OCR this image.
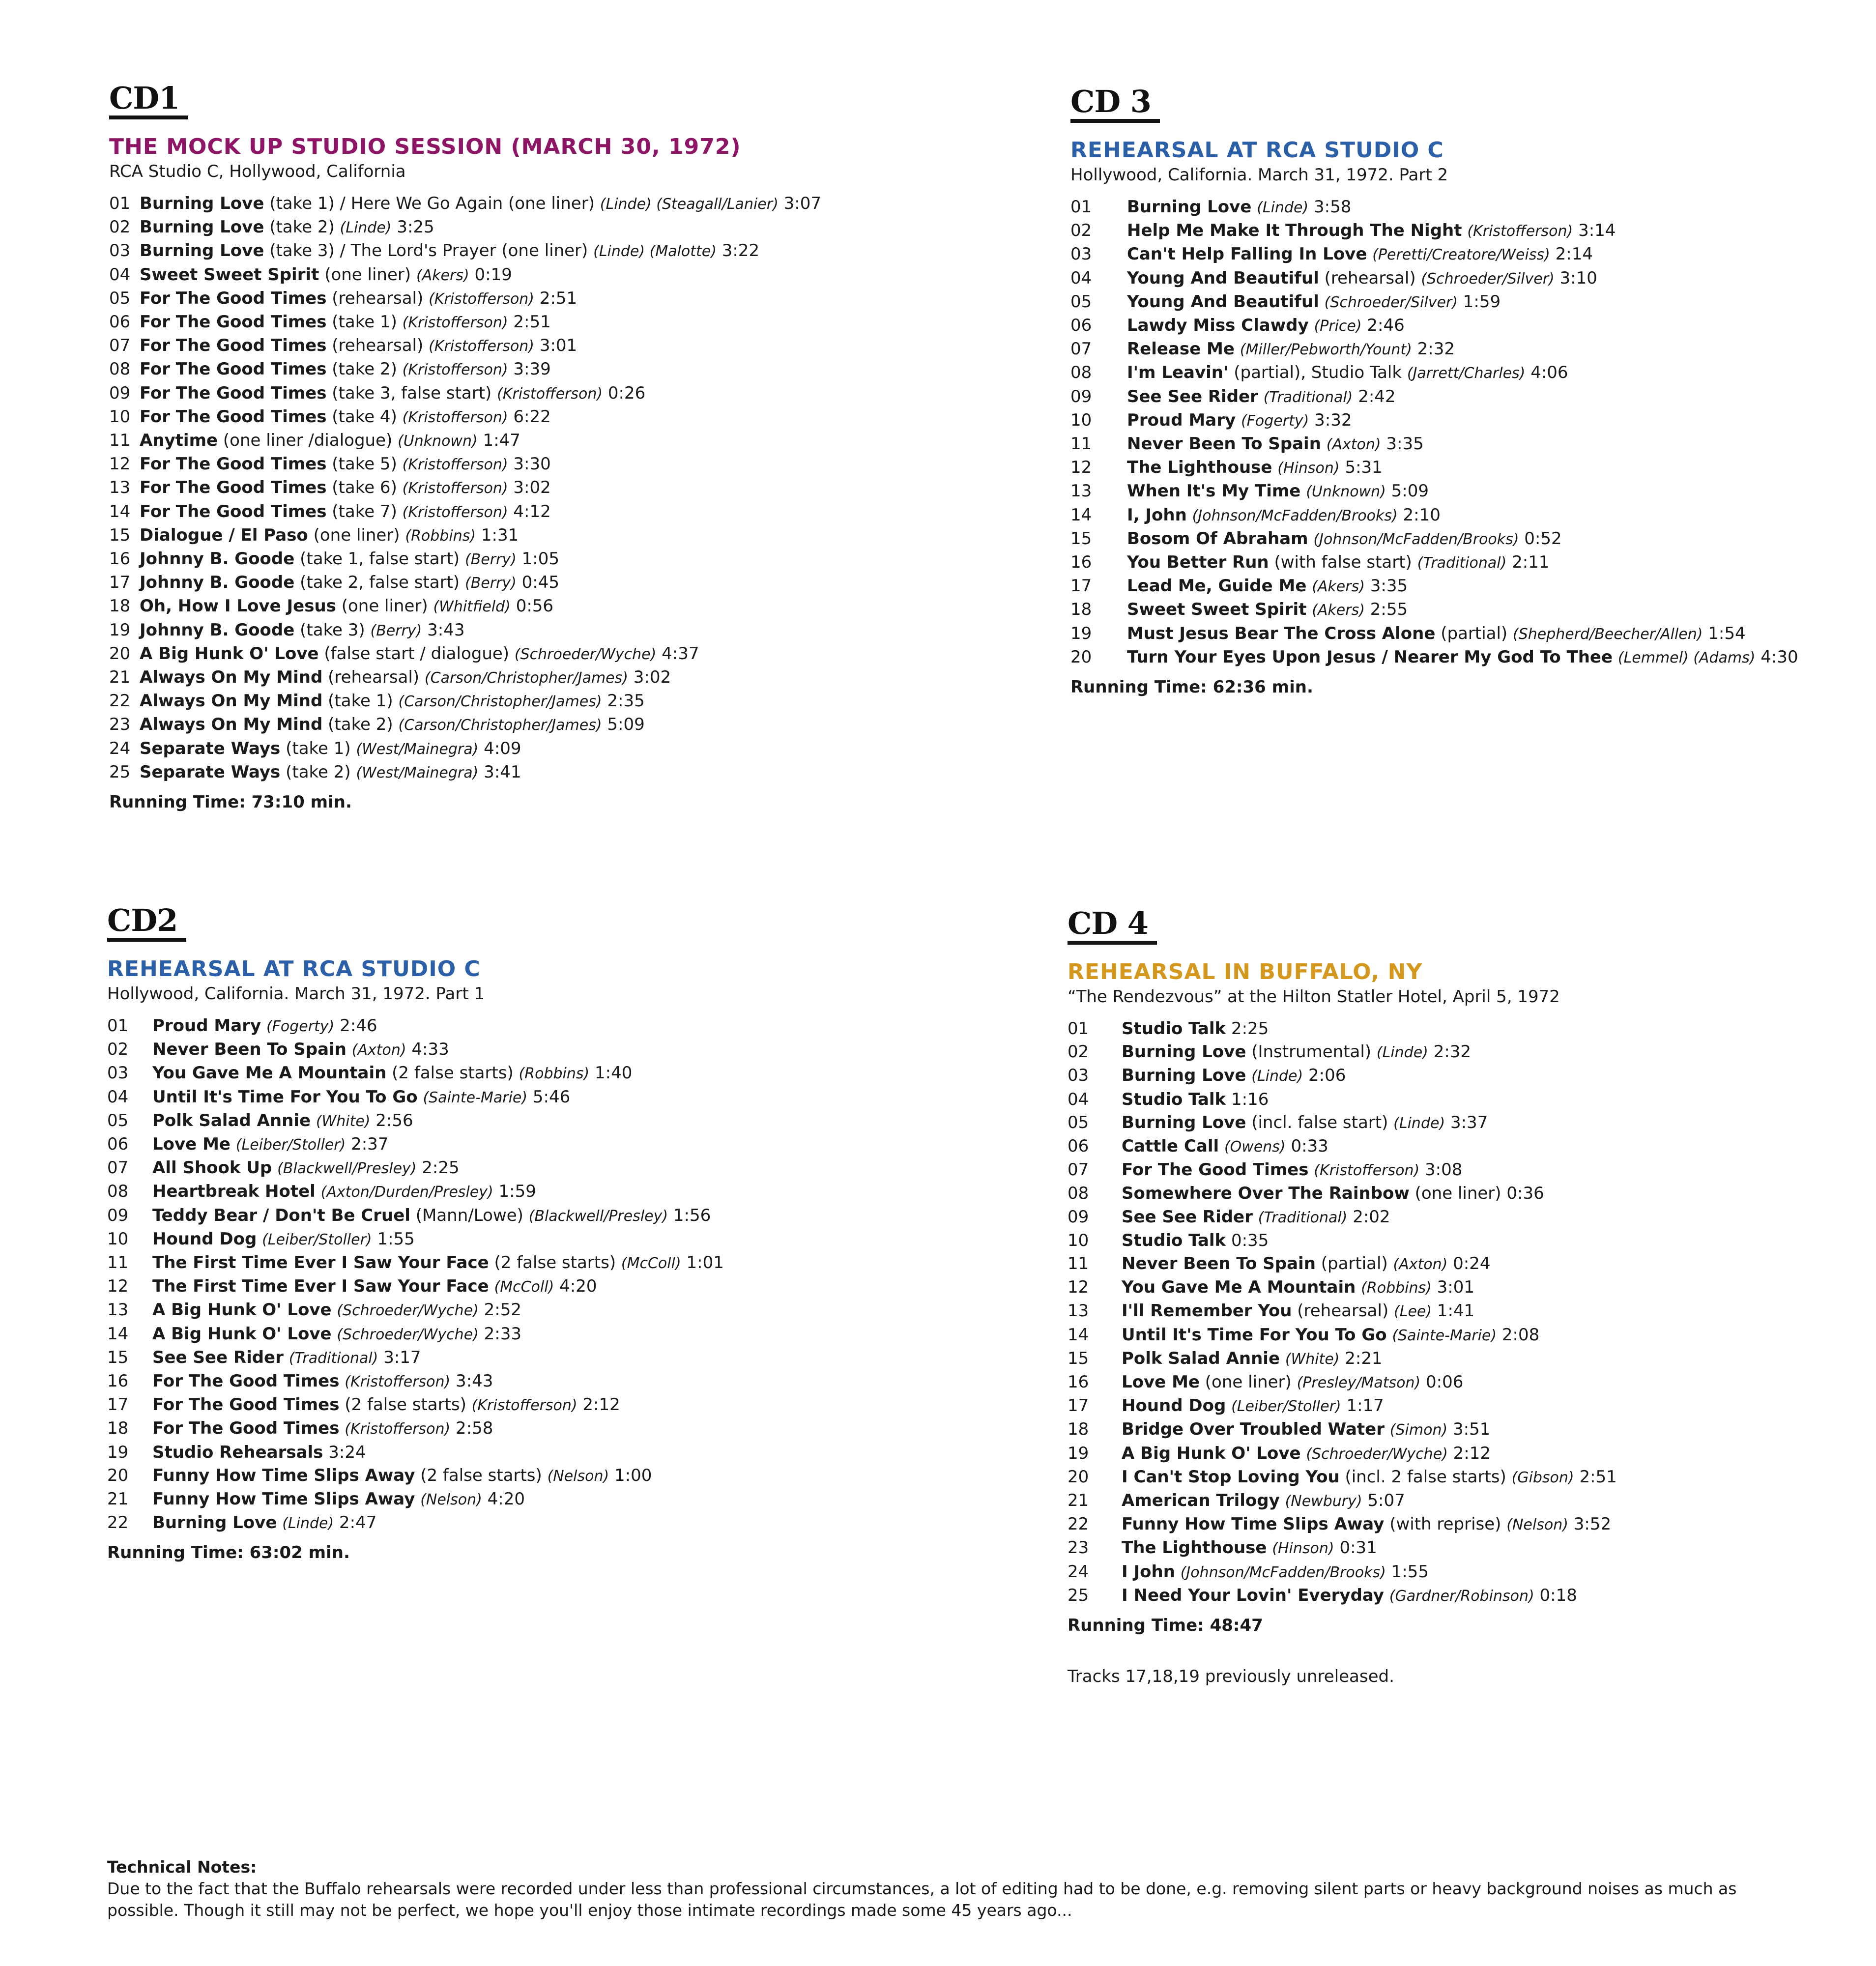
CD1
THE MOCK UP STUDIO SESSION (MARCH 30, 1972)
RCA Studio C, Hollywood, California
01 Burning Love (take 1) / Here We Go Again (one liner) (Linde) (Steagall/Lanier) 3:07
02 Burning Love (take 2) (Linde) 3:25
03 Burning Love (take 3) / The Lord's Prayer (one liner) (Linde) (Malotte) 3:22
04 Sweet Sweet Spirit (one liner) (Akers) 0:19
05 For The Good Times (rehearsal) (Kristofferson) 2:51
06 For The Good Times (take 1) (Kristofferson) 2:51
07 For The Good Times (rehearsal) (Kristofferson) 3:01
08 For The Good Times (take 2) (Kristofferson) 3:39
09 For The Good Times (take 3, false start) (Kristofferson) 0:26
10 For The Good Times (take 4) (Kristofferson) 6:22
11 Anytime (one liner /dialogue) (Unknown) 1:47
12 For The Good Times (take 5) (Kristofferson) 3:30
13 For The Good Times (take 6) (Kristofferson) 3:02
14 For The Good Times (take 7) (Kristofferson) 4:12
15 Dialogue / El Paso (one liner) (Robbins) 1:31
16 Johnny B. Goode (take 1, false start) (Berry) 1:05
17 Johnny B. Goode (take 2, false start) (Berry) 0:45
18 Oh, How I Love Jesus (one liner) (Whitfield) 0:56
19 Johnny B. Goode (take 3) (Berry) 3:43
20 A Big Hunk O' Love (false start / dialogue) (Schroeder/Wyche) 4:37
21 Always On My Mind (rehearsal) (Carson/Christopher/James) 3:02
22 Always On My Mind (take 1) (Carson/Christopher/James) 2:35
23 Always On My Mind (take 2) (Carson/Christopher/James) 5:09
24 Separate Ways (take 1) (West/Mainegra) 4:09
25 Separate Ways (take 2) (West/Mainegra) 3:41
Running Time: 73:10 min.
CD 3
REHEARSAL AT RCA STUDIO C
Hollywood, California. March 31, 1972. Part 2
01 Burning Love (Linde) 3:58
02 Help Me Make It Through The Night (Kristofferson) 3:14
03 Can't Help Falling In Love (Peretti/Creatore/Weiss) 2:14
04 Young And Beautiful (rehearsal) (Schroeder/Silver) 3:10
05 Young And Beautiful (Schroeder/Silver) 1:59
06 Lawdy Miss Clawdy (Price) 2:46
07 Release Me (Miller/Pebworth/Yount) 2:32
08 I'm Leavin' (partial), Studio Talk (Jarrett/Charles) 4:06
09 See See Rider (Traditional) 2:42
10 Proud Mary (Fogerty) 3:32
11 Never Been To Spain (Axton) 3:35
12 The Lighthouse (Hinson) 5:31
13 When It's My Time (Unknown) 5:09
14 I, John (Johnson/McFadden/Brooks) 2:10
15 Bosom Of Abraham (Johnson/McFadden/Brooks) 0:52
16 You Better Run (with false start) (Traditional) 2:11
17 Lead Me, Guide Me (Akers) 3:35
18 Sweet Sweet Spirit (Akers) 2:55
19 Must Jesus Bear The Cross Alone (partial) (Shepherd/Beecher/Allen) 1:54
20 Turn Your Eyes Upon Jesus / Nearer My God To Thee (Lemmel) (Adams) 4:30
Running Time: 62:36 min.
CD2
REHEARSAL AT RCA STUDIO C
Hollywood, California. March 31, 1972. Part 1
01 Proud Mary (Fogerty) 2:46
02 Never Been To Spain (Axton) 4:33
03 You Gave Me A Mountain (2 false starts) (Robbins) 1:40
04 Until It's Time For You To Go (Sainte-Marie) 5:46
05 Polk Salad Annie (White) 2:56
06 Love Me (Leiber/Stoller) 2:37
07 All Shook Up (Blackwell/Presley) 2:25
08 Heartbreak Hotel (Axton/Durden/Presley) 1:59
09 Teddy Bear / Don't Be Cruel (Mann/Lowe) (Blackwell/Presley) 1:56
10 Hound Dog (Leiber/Stoller) 1:55
11 The First Time Ever I Saw Your Face (2 false starts) (McColl) 1:01
12 The First Time Ever I Saw Your Face (McColl) 4:20
13 A Big Hunk O' Love (Schroeder/Wyche) 2:52
14 A Big Hunk O' Love (Schroeder/Wyche) 2:33
15 See See Rider (Traditional) 3:17
16 For The Good Times (Kristofferson) 3:43
17 For The Good Times (2 false starts) (Kristofferson) 2:12
18 For The Good Times (Kristofferson) 2:58
19 Studio Rehearsals 3:24
20 Funny How Time Slips Away (2 false starts) (Nelson) 1:00
21 Funny How Time Slips Away (Nelson) 4:20
22 Burning Love (Linde) 2:47
Running Time: 63:02 min.
CD 4
REHEARSAL IN BUFFALO, NY
“The Rendezvous” at the Hilton Statler Hotel, April 5, 1972
01 Studio Talk 2:25
02 Burning Love (Instrumental) (Linde) 2:32
03 Burning Love (Linde) 2:06
04 Studio Talk 1:16
05 Burning Love (incl. false start) (Linde) 3:37
06 Cattle Call (Owens) 0:33
07 For The Good Times (Kristofferson) 3:08
08 Somewhere Over The Rainbow (one liner) 0:36
09 See See Rider (Traditional) 2:02
10 Studio Talk 0:35
11 Never Been To Spain (partial) (Axton) 0:24
12 You Gave Me A Mountain (Robbins) 3:01
13 I'll Remember You (rehearsal) (Lee) 1:41
14 Until It's Time For You To Go (Sainte-Marie) 2:08
15 Polk Salad Annie (White) 2:21
16 Love Me (one liner) (Presley/Matson) 0:06
17 Hound Dog (Leiber/Stoller) 1:17
18 Bridge Over Troubled Water (Simon) 3:51
19 A Big Hunk O' Love (Schroeder/Wyche) 2:12
20 I Can't Stop Loving You (incl. 2 false starts) (Gibson) 2:51
21 American Trilogy (Newbury) 5:07
22 Funny How Time Slips Away (with reprise) (Nelson) 3:52
23 The Lighthouse (Hinson) 0:31
24 I John (Johnson/McFadden/Brooks) 1:55
25 I Need Your Lovin' Everyday (Gardner/Robinson) 0:18
Running Time: 48:47
Tracks 17,18,19 previously unreleased.
Technical Notes:
Due to the fact that the Buffalo rehearsals were recorded under less than professional circumstances, a lot of editing had to be done, e.g. removing silent parts or heavy background noises as much as possible. Though it still may not be perfect, we hope you'll enjoy those intimate recordings made some 45 years ago...
